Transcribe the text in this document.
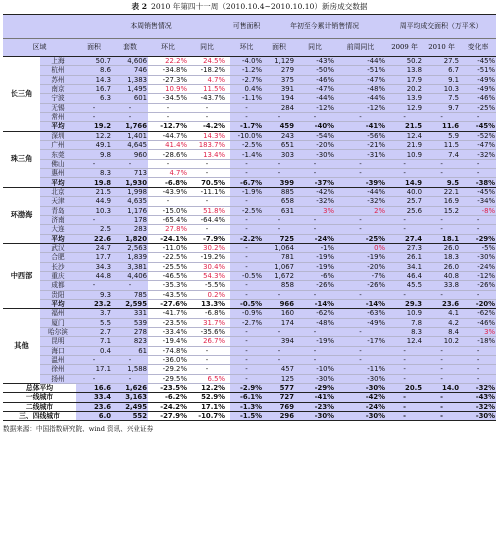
表 2 2010 年第四十一周（2010.10.4~2010.10.10）新房成交数据
		本周销售情况					可售面积	年初至今累计销售情况			周平均成交面积（万平米）		
区域		面积	套数	环比	同比		环比	面积	同比	前周同比	2009 年	2010 年	变化率
长三角	上海	50.7	4,606	22.2%	24.5%		-4.0%	1,129	-43%	-44%	50.2	27.5	-45%
	杭州	8.6	746	-34.8%	-18.2%		-1.2%	279	-50%	-51%	13.8	6.7	-51%
	苏州	14.3	1,383	-27.3%	4.7%		-2.7%	375	-46%	-47%	17.9	9.1	-49%
	南京	16.7	1,495	10.9%	11.5%		0.4%	391	-47%	-48%	20.2	10.3	-49%
	宁波	6.3	601	-34.5%	-43.7%		-1.1%	194	-44%	-44%	13.9	7.5	-46%
	无锡	-	-	-	-		-	284	-12%	-12%	12.9	9.7	-25%
	常州	-	-	-	-		-	-	-	-	-	-	-
	平均	19.2	1,766	-12.7%	-4.2%		-1.7%	459	-40%	-41%	21.5	11.6	-45%
珠三角	深圳	12.2	1,401	-44.7%	14.3%		-10.0%	243	-54%	-56%	12.4	5.9	-52%
	广州	49.1	4,645	41.4%	183.7%		-2.5%	651	-20%	-21%	21.9	11.5	-47%
	东莞	9.8	960	-28.6%	13.4%		-1.4%	303	-30%	-31%	10.9	7.4	-32%
	佛山	-	-	-	-		-	-	-	-	-	-	-
	惠州	8.3	713	4.7%	-		-	-	-	-	-	-	-
	平均	19.8	1,930	-6.8%	70.5%		-6.7%	399	-37%	-39%	14.9	9.5	-38%
环渤海	北京	21.5	1,998	-43.9%	-11.1%		-1.9%	885	-42%	-44%	40.0	22.1	-45%
	天津	44.9	4,635	-	-		-	658	-32%	-32%	25.7	16.9	-34%
	青岛	10.3	1,176	-15.0%	51.8%		-2.5%	631	3%	2%	25.6	15.2	-8%
	济南	-	178	-65.4%	-64.4%		-	-	-	-	-	-	-
	大连	2.5	283	27.8%	-		-	-	-	-	-	-	-
	平均	22.6	1,820	-24.1%	-7.9%		-2.2%	725	-24%	-25%	27.4	18.1	-29%
中西部	武汉	24.7	2,563	-11.0%	30.2%		-	1,064	-1%	0%	27.3	26.0	-5%
	合肥	17.7	1,839	-22.5%	-19.2%		-	781	-19%	-19%	26.1	18.3	-30%
	长沙	34.3	3,381	-25.5%	30.4%		-	1,067	-19%	-20%	34.1	26.0	-24%
	重庆	44.8	4,406	-46.5%	54.3%		-0.5%	1,672	-6%	-7%	46.4	40.8	-12%
	成都	-	-	-35.3%	-5.5%		-	858	-26%	-26%	45.5	33.8	-26%
	贵阳	9.3	785	-43.5%	0.2%		-	-	-	-	-	-	-
	平均	23.2	2,595	-27.6%	13.3%		-0.5%	966	-14%	-14%	29.3	23.6	-20%
其他	福州	3.7	331	-41.7%	-6.8%		-0.9%	160	-62%	-63%	10.9	4.1	-62%
	厦门	5.5	539	-23.5%	31.7%		-2.7%	174	-48%	-49%	7.8	4.2	-46%
	哈尔滨	2.7	278	-33.4%	-35.6%		-	-	-	-	8.3	8.4	3%
	昆明	7.1	823	-19.4%	26.7%		-	394	-19%	-17%	12.4	10.2	-18%
	海口	0.4	61	-74.8%	-		-	-	-	-	-	-	-
	温州	-	-	-36.0%	-		-	-	-	-	-	-	-
	徐州	17.1	1,588	-29.2%	-		-	457	-10%	-11%	-	-	-
	扬州	-	-	-29.5%	6.5%		-	125	-30%	-30%	-	-	-
总体平均		16.6	1,626	-23.5%	12.2%		-2.9%	577	-29%	-30%	20.5	14.0	-32%
一线城市		33.4	3,163	-6.2%	52.9%		-6.1%	727	-41%	-42%	-	-	-43%
二线城市		23.6	2,495	-24.2%	17.1%		-1.3%	769	-23%	-24%	-	-	-32%
三、四线城市		6.0	552	-27.9%	-10.7%		-1.5%	296	-30%	-30%	-	-	-30%
数据来源：中国指数研究院、wind 资讯、兴业证券
